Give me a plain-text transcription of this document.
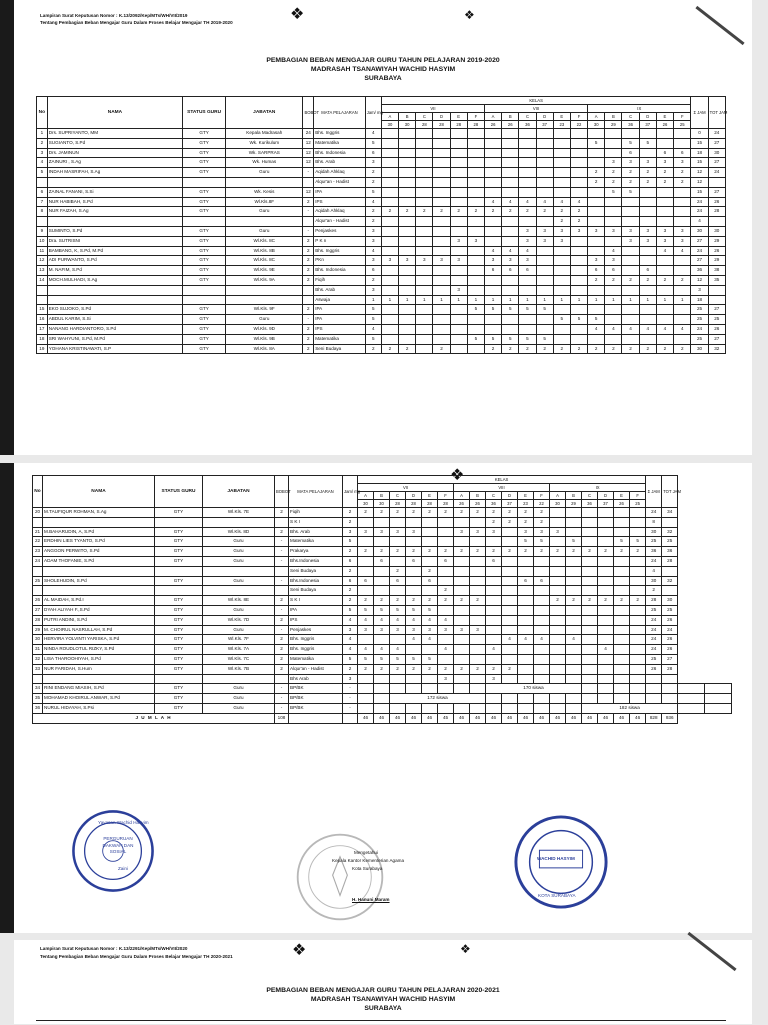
❖	❖
Lampiran Surat Keputusan Nomor : K.13/2092/Kep/MTs/WH/VII/2019
Tentang Pembagian Beban Mengajar Guru Dalam Proses Belajar Mengajar TH 2019-2020
PEMBAGIAN BEBAN MENGAJAR GURU TAHUN PELAJARAN 2019-2020
MADRASAH TSANAWIYAH WACHID HASYIM
SURABAYA
No	NAMA	STATUS GURU	JABATAN	BOBOT	MATA PELAJARAN	Jam/ mg	KELAS																		Σ JAM	TOT JAM
							VII						VIII						IX							
							A	B	C	D	E	F	A	B	C	D	E	F	A	B	C	D	E	F		
							30	30	28	28	28	28	26	26	36	37	23	22	30	29	36	37	26	25		
1	Drs. SUPRIYANTO, MM	GTY	Kepala Madrasah	24	Bhs. Inggris	4																			0	24
2	SUGIANTO, S.Pd	GTY	Wk. Kurikulum	12	Matematika	5													5		5	5			15	27
3	Drs. JAMINUN	GTY	Wk. SARPRAS	12	Bhs. Indonesia	6															6		6	6	18	30
4	ZAINURI , S.Ag	GTY	Wk. Humas	12	Bhs. Arab	3														3	3	3	3	3	15	27
5	INDAH MASRIFAH, S.Ag	GTY	Guru	-	Aqidah Ahklaq	2													2	2	2	2	2	2	12	24
					Alqur'an - Hadist	2													2	2	2	2	2	2	12	
6	ZAINAL FANANI, S.Si	GTY	Wk. Kesis	12	IPA	5														5	5				15	27
7	NUR HABIBAH, S.Pd	GTY	Wl.Kls.8F	2	IPS	4							4	4	4	4	4	4							24	26
8	NUR FAIZAH, S.Ag	GTY	Guru	-	Aqidah Ahklaq	2	2	2	2	2	2	2	2	2	2	2	2	2							24	28
					Alqur'an - Hadist	2											2	2							4	
9	SUMINTO, S.Pd	GTY	Guru	-	Penjaskes	3									3	3	3	3	3	3	3	3	3	3	30	30
10	Dra. SUTRISNI	GTY	Wl.Kls. 8C	2	P K n	3					3	3			3	3	3				3	3	3	3	27	29
11	BAMBANG, K, S.Pd, M.Pd	GTY	Wl.Kls. 8B	2	Bhs. Inggris	4							4	4	4					4			4	4	24	26
12	ADI PURWANTO, S.Pd	GTY	Wl.Kls. 8C	2	PKn	3	3	3	3	3	3		3	3	3				3	3					27	29
13	M. NAFIM, S.Pd	GTY	Wl.Kls. 9E	2	Bhs. Indonesia	6							6	6	6				6	6		6			36	38
14	MOCH.MULHADI, S.Ag	GTY	Wl.Kls. 9A	2	Fiqih	2													2	2	2	2	2	2	12	35
					Bhs. Arab	3					3														3	
					Aswaja	1	1	1	1	1	1	1	1	1	1	1	1	1	1	1	1	1	1	1	18	
15	EKO SUJOKO, S.Pd	GTY	Wl.Kls. 9F	2	IPA	5						5	5	5	5	5									25	27
16	ABDUL KARIM, S.Si	GTY	Guru	-	IPA	5											5	5	5						25	25
17	NANANG HARDIANTORO, S.Pd	GTY	Wl.Kls. 9D	2	IPS	4													4	4	4	4	4	4	24	26
18	SRI WAHYUNI, S.Pd, M.Pd	GTY	Wl.Kls. 9B	2	Matematika	5						5	5	5	5	5									25	27
19	YOHANA KRISTINAWATI, S.P	GTY	Wl.Kls. 8A	2	Seni Budaya	2	2	2		2			2	2	2	2	2	2	2	2	2	2	2	2	30	32
❖
No	NAMA	STATUS GURU	JABATAN	BOBOT	MATA PELAJARAN	Jam/ mg	KELAS																		Σ JAM	TOT JAM		
							VII						VIII						IX									
							A	B	C	D	E	F	A	B	C	D	E	F	A	B	C	D	E	F				
							30	30	28	28	28	28	26	26	36	37	23	22	30	29	36	37	26	25				
20	M.TAUFIQUR ROHMAN, S.Ag	GTY	Wl.Kls. 7E	2	Fiqih	2	2	2	2	2	2	2	2	2	2	2	2	2							24	34		
					S K I	2									2	2	2	2							8			
21	M.BAHARUDIN, A, S.Pd	GTY	Wl.Kls. 8D	2	Bhs. Arab	3	3	3	3	3			3	3	3		3	3	3						30	32		
22	ERDHIN LIES TYANTO, S.Pd	GTY	Guru	-	Matematika	5											5	5		5			5	5	25	25		
23	ANGGON PERWITO, S.Pd	GTY	Guru	-	Prakarya	2	2	2	2	2	2	2	2	2	2	2	2	2	2	2	2	2	2	2	36	36		
24	ADAM THOFANIE, S.Pd	GTY	Guru	-	Bhs.Indonesia	6		6		6		6			6										24	28		
					Seni Budaya	2			2		2														4			
25	SHOLEHUDIN, S.Pd	GTY	Guru	-	Bhs.Indonesia	6	6		6		6						6	6							30	32		
					Seni Budaya	2						2													2			
26	AL MAIDAH, S.Pd.I	GTY	Wl.Kls. 8E	2	S K I	2	2	2	2	2	2	2	2	2					2	2	2	2	2	2	28	30		
27	DYAH ALIYAH F.,S.Pd	GTY	Guru	-	IPA	5	5	5	5	5	5														25	25		
28	PUTRI ANDINI, S.Pd	GTY	Wl.Kls. 7D	2	IPS	4	4	4	4	4	4	4													24	26		
29	M. CHOIRUL NASRULLAH, S.Pd	GTY	Guru	-	Penjaskes	3	3	3	3	3	3	3	3	3											24	24		
30	HERVIRA YOLVINTI YARISKA, S.Pd	GTY	Wl.Kls. 7F	2	Bhs. Inggris	4				4	4					4	4	4		4					24	26		
31	NINDA ROUDLOTUL RIZKY, S.Pd	GTY	Wl.Kls. 7A	2	Bhs. Inggris	4	4	4	4			4			4							4			24	26		
32	LISA THAROOHIYAH, S.Pd	GTY	Wl.Kls. 7C	2	Matematika	5	5	5	5	5	5														25	27		
33	NUR FARIDAH, S.Hum	GTY	Wl.Kls. 7B	2	Alqur'an - Hadist	2	2	2	2	2	2	2	2	2	2	2									26	28		
					Bhs Arab	3						3			3													
34	RINI ENDANG MIASIH, S.Pd	GTY	Guru	-	BP/BK	-									170 siswa													
35	MOHAMAD KHOIRUL ANWAR, S.Pd	GTY	Guru	-	BP/BK	-			172 siswa																			
36	NURUL HIDAYAH, S.Psi	GTY	Guru	-	BP/BK	-															182 siswa							
J U M L A H				108			46	46	46	46	46	45	46	46	46	46	46	46	46	46	46	46	46	46	828	936		
Yayasan Wachid Hasyim
PERGURUAN DAKWAH DAN SOSIAL
Zaini
Mengetahui
Kepala Kantor Kementerian Agama
Kota Surabaya
H. Hanuni Maram
WACHID HASYIM
KOTA SURABAYA
❖	❖
Lampiran Surat Keputusan Nomor : K.13/2291/Kep/MTs/WH/VII/2020
Tentang Pembagian Beban Mengajar Guru Dalam Proses Belajar Mengajar TH 2020-2021
PEMBAGIAN BEBAN MENGAJAR GURU TAHUN PELAJARAN 2020-2021
MADRASAH TSANAWIYAH WACHID HASYIM
SURABAYA
